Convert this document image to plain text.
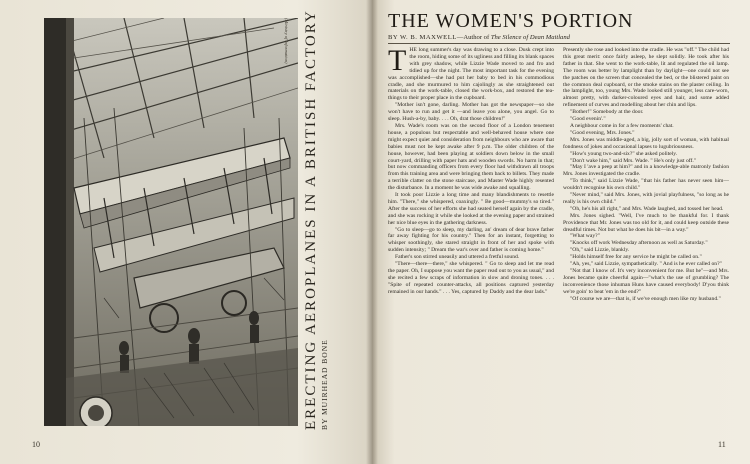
(Ministry of Information) ERECTING AEROPLANES IN A BRITISH FACTORY BY MUIRHEAD BONE
10
THE WOMEN'S PORTION
BY W. B. MAXWELL—Author of The Silence of Dean Maitland
T HE long summer's day was drawing to a close. Dusk crept into the room, hiding some of its ugliness and filling its blank spaces with grey shadow, while Lizzie Wade moved to and fro and tidied up for the night. The most important task for the evening was accomplished—she had put her baby to bed in his commodious cradle, and she murmured to him cajolingly as she straightened out materials on the work-table, closed the work-box, and restored the tea-things to their proper place in the cupboard.

"Mother isn't gone, darling. Mother has got the newspaper—so she won't have to run and get it —and leave you alone, you angel. Go to sleep. Hush-a-by, baby. . . . Oh, drat those children!"

Mrs. Wade's room was on the second floor of a London tenement house, a populous but respectable and well-behaved house where one might expect quiet and consideration from neighbours who are aware that babies must not be kept awake after 9 p.m. The older children of the house, however, had been playing at soldiers down below in the small court-yard, drilling with paper hats and wooden swords. No harm in that; but now commanding officers from every floor had withdrawn all troops from this training area and were bringing them back to billets. They made a terrible clatter on the stone staircase, and Master Wade highly resented the disturbance. In a moment he was wide awake and squalling.

It took poor Lizzie a long time and many blandishments to resettle him. "There," she whispered, coaxingly. " Be good—mummy's so tired." After the success of her efforts she had seated herself again by the cradle, and she was rocking it while she looked at the evening paper and strained her nice blue eyes in the gathering darkness.

"Go to sleep—go to sleep, my darling, an' dream of dear brave father far away fighting for his country." Then for an instant, forgetting to whisper soothingly, she stared straight in front of her and spoke with sudden intensity; " Dream the war's over and father is coming home."

Father's son stirred uneasily and uttered a fretful sound.

"There—there—there," she whispered. " Go to sleep and let me read the paper. Oh, I suppose you want the paper read out to you as usual," and she recited a few scraps of information in slow and droning tones. . . . "Spite of repeated counter-attacks, all positions captured yesterday remained in our hands." . . . Yes, captured by Daddy and the dear lads."

Presently she rose and looked into the cradle. He was "off." The child had this great merit: once fairly asleep, he slept solidly. He took after his father in that. She went to the work-table, lit and regulated the oil lamp. The room was better by lamplight than by daylight—one could not see the patches on the screen that concealed the bed, or the blistered paint on the common deal cupboard, or the smoke stains on the plaster ceiling. In the lamplight, too, young Mrs. Wade looked still younger, less care-worn, almost pretty, with darker-coloured eyes and hair, and some added refinement of curves and modelling about her chin and lips.

"Bother!" Somebody at the door.

"Good evenin'."

A neighbour come in for a few moments' chat.

"Good evening, Mrs. Jones."

Mrs. Jones was middle-aged, a big, jolly sort of woman, with habitual fondness of jokes and occasional lapses to lugubriousness.

"How's young two-and-six?" she asked politely.

"Don't wake him," said Mrs. Wade. " He's only just off."

"May I 'ave a peep at him?" and in a knowledge-able matronly fashion Mrs. Jones investigated the cradle.

"To think," said Lizzie Wade, "that his father has never seen him—wouldn't recognise his own child."

"Never mind," said Mrs. Jones, with jovial playfulness, "so long as he really is his own child."

"Oh, he's his all right," and Mrs. Wade laughed, and tossed her head.

Mrs. Jones sighed. "Well, I've much to be thankful for. I thank Providence that Mr. Jones was too old for it, and could keep outside these dreadful times. Not but what he does his bit—in a way."

"What way?"

"Knocks off work Wednesday afternoon as well as Saturday."

"Oh," said Lizzie, blankly.

"Holds himself free for any service he might be called on."

"Ah, yes," said Lizzie, sympathetically. " And is he ever called on?"

"Not that I know of. It's very inconvenient for me. But he"—and Mrs. Jones became quite cheerful again—"what's the use of grumbling? The inconvenience those inhuman Huns have caused everybody! D'you think we're goin' to beat 'em in the end?"

"Of course we are—that is, if we've enough men like my husband."

11
